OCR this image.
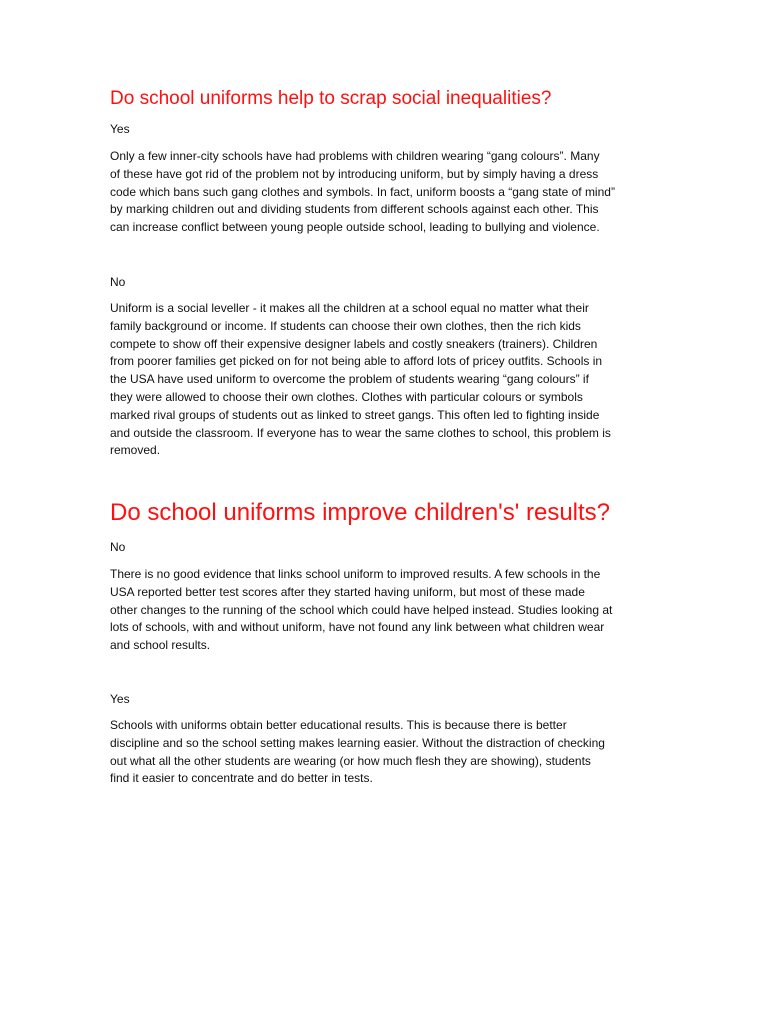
Do school uniforms help to scrap social inequalities?

Yes

Only a few inner-city schools have had problems with children wearing “gang colours”. Many
of these have got rid of the problem not by introducing uniform, but by simply having a dress
code which bans such gang clothes and symbols. In fact, uniform boosts a “gang state of mind”
by marking children out and dividing students from different schools against each other. This
can increase conflict between young people outside school, leading to bullying and violence.

No

Uniform is a social leveller - it makes all the children at a school equal no matter what their
family background or income. If students can choose their own clothes, then the rich kids
compete to show off their expensive designer labels and costly sneakers (trainers). Children
from poorer families get picked on for not being able to afford lots of pricey outfits. Schools in
the USA have used uniform to overcome the problem of students wearing “gang colours” if
they were allowed to choose their own clothes. Clothes with particular colours or symbols
marked rival groups of students out as linked to street gangs. This often led to fighting inside
and outside the classroom. If everyone has to wear the same clothes to school, this problem is
removed.
Do school uniforms improve children's' results?

No

There is no good evidence that links school uniform to improved results. A few schools in the
USA reported better test scores after they started having uniform, but most of these made
other changes to the running of the school which could have helped instead. Studies looking at
lots of schools, with and without uniform, have not found any link between what children wear
and school results.

Yes

Schools with uniforms obtain better educational results. This is because there is better
discipline and so the school setting makes learning easier. Without the distraction of checking
out what all the other students are wearing (or how much flesh they are showing), students
find it easier to concentrate and do better in tests.
